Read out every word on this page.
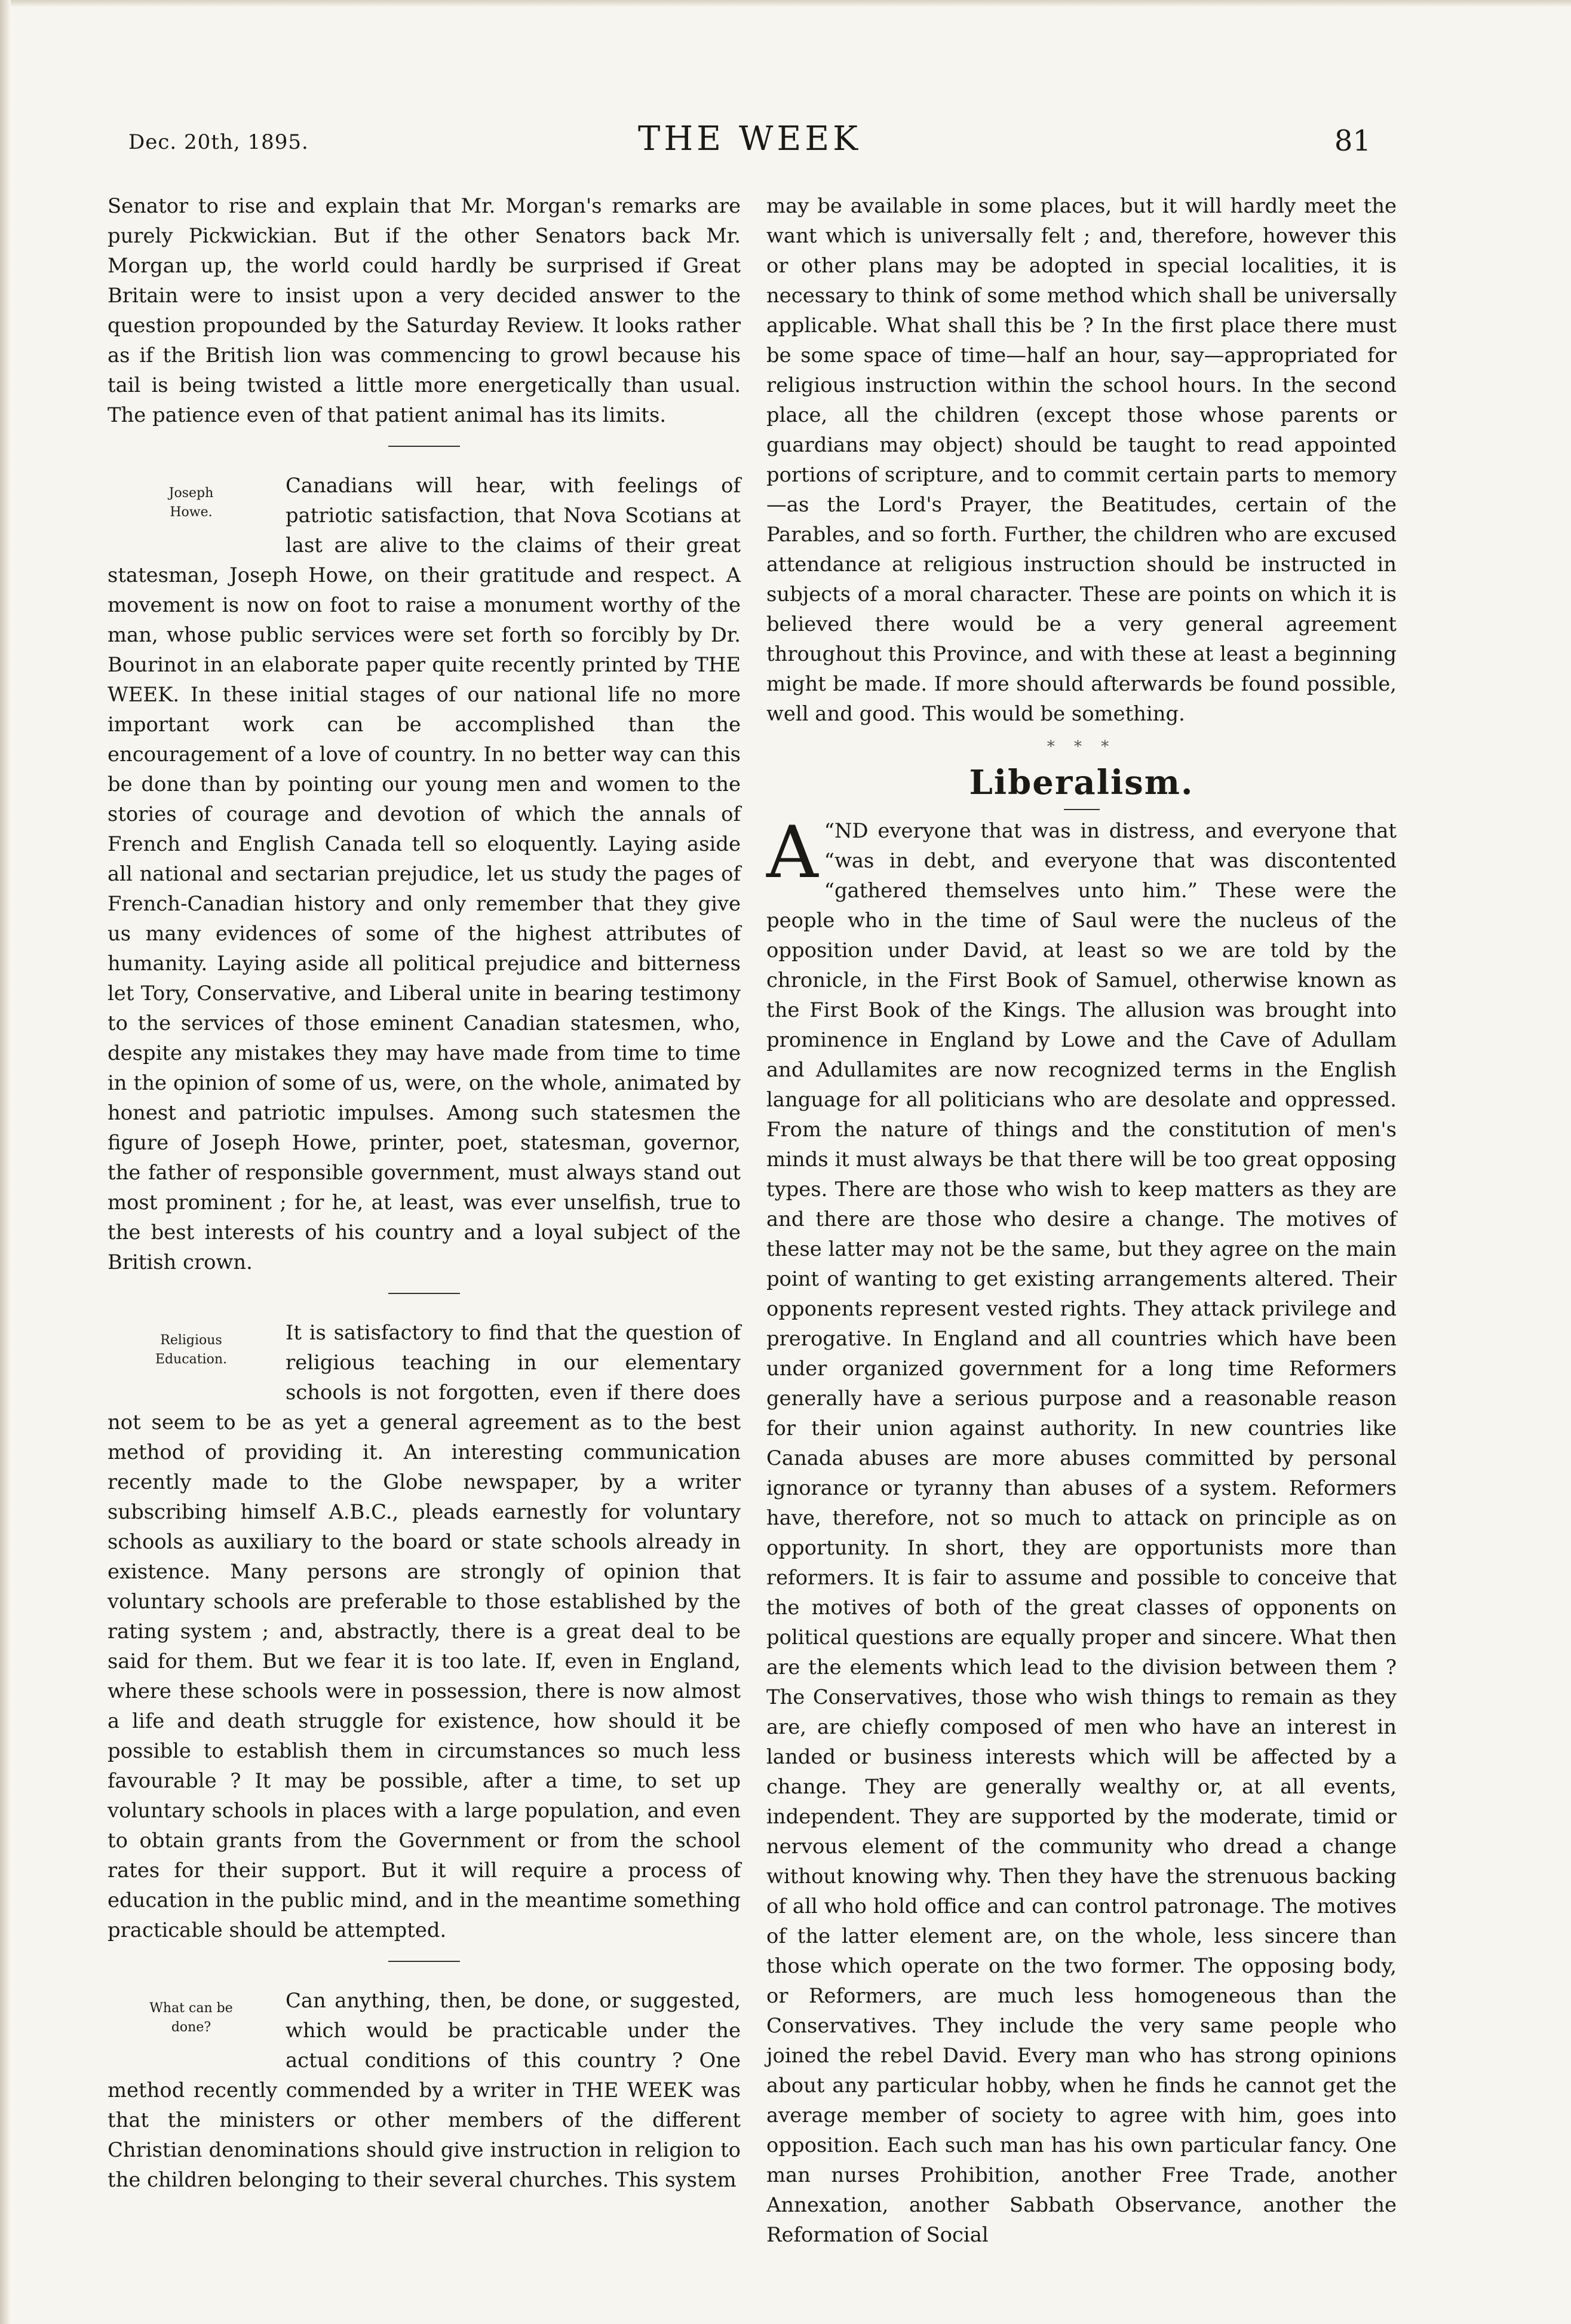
Dec. 20th, 1895.	THE WEEK	81

Senator to rise and explain that Mr. Morgan's remarks are purely Pickwickian. But if the other Senators back Mr. Morgan up, the world could hardly be surprised if Great Britain were to insist upon a very decided answer to the question propounded by the Saturday Review. It looks rather as if the British lion was commencing to growl because his tail is being twisted a little more energetically than usual. The patience even of that patient animal has its limits.

Joseph
Howe.

Canadians will hear, with feelings of patriotic satisfaction, that Nova Scotians at last are alive to the claims of their great statesman, Joseph Howe, on their gratitude and respect. A movement is now on foot to raise a monument worthy of the man, whose public services were set forth so forcibly by Dr. Bourinot in an elaborate paper quite recently printed by THE WEEK. In these initial stages of our national life no more important work can be accomplished than the encouragement of a love of country. In no better way can this be done than by pointing our young men and women to the stories of courage and devotion of which the annals of French and English Canada tell so eloquently. Laying aside all national and sectarian prejudice, let us study the pages of French-Canadian history and only remember that they give us many evidences of some of the highest attributes of humanity. Laying aside all political prejudice and bitterness let Tory, Conservative, and Liberal unite in bearing testimony to the services of those eminent Canadian statesmen, who, despite any mistakes they may have made from time to time in the opinion of some of us, were, on the whole, animated by honest and patriotic impulses. Among such statesmen the figure of Joseph Howe, printer, poet, statesman, governor, the father of responsible government, must always stand out most prominent ; for he, at least, was ever unselfish, true to the best interests of his country and a loyal subject of the British crown.

Religious
Education.

It is satisfactory to find that the question of religious teaching in our elementary schools is not forgotten, even if there does not seem to be as yet a general agreement as to the best method of providing it. An interesting communication recently made to the Globe newspaper, by a writer subscribing himself A.B.C., pleads earnestly for voluntary schools as auxiliary to the board or state schools already in existence. Many persons are strongly of opinion that voluntary schools are preferable to those established by the rating system ; and, abstractly, there is a great deal to be said for them. But we fear it is too late. If, even in England, where these schools were in possession, there is now almost a life and death struggle for existence, how should it be possible to establish them in circumstances so much less favourable ? It may be possible, after a time, to set up voluntary schools in places with a large population, and even to obtain grants from the Government or from the school rates for their support. But it will require a process of education in the public mind, and in the meantime something practicable should be attempted.

What can be
done?

Can anything, then, be done, or suggested, which would be practicable under the actual conditions of this country ? One method recently commended by a writer in THE WEEK was that the ministers or other members of the different Christian denominations should give instruction in religion to the children belonging to their several churches. This system

may be available in some places, but it will hardly meet the want which is universally felt ; and, therefore, however this or other plans may be adopted in special localities, it is necessary to think of some method which shall be universally applicable. What shall this be ? In the first place there must be some space of time—half an hour, say—appropriated for religious instruction within the school hours. In the second place, all the children (except those whose parents or guardians may object) should be taught to read appointed portions of scripture, and to commit certain parts to memory—as the Lord's Prayer, the Beatitudes, certain of the Parables, and so forth. Further, the children who are excused attendance at religious instruction should be instructed in subjects of a moral character. These are points on which it is believed there would be a very general agreement throughout this Province, and with these at least a beginning might be made. If more should afterwards be found possible, well and good. This would be something.

* * *
Liberalism.

“
A ND everyone that was in distress, and everyone that “was in debt, and everyone that was discontented “gathered themselves unto him.” These were the people who in the time of Saul were the nucleus of the opposition under David, at least so we are told by the chronicle, in the First Book of Samuel, otherwise known as the First Book of the Kings. The allusion was brought into prominence in England by Lowe and the Cave of Adullam and Adullamites are now recognized terms in the English language for all politicians who are desolate and oppressed. From the nature of things and the constitution of men's minds it must always be that there will be too great opposing types. There are those who wish to keep matters as they are and there are those who desire a change. The motives of these latter may not be the same, but they agree on the main point of wanting to get existing arrangements altered. Their opponents represent vested rights. They attack privilege and prerogative. In England and all countries which have been under organized government for a long time Reformers generally have a serious purpose and a reasonable reason for their union against authority. In new countries like Canada abuses are more abuses committed by personal ignorance or tyranny than abuses of a system. Reformers have, therefore, not so much to attack on principle as on opportunity. In short, they are opportunists more than reformers. It is fair to assume and possible to conceive that the motives of both of the great classes of opponents on political questions are equally proper and sincere. What then are the elements which lead to the division between them ? The Conservatives, those who wish things to remain as they are, are chiefly composed of men who have an interest in landed or business interests which will be affected by a change. They are generally wealthy or, at all events, independent. They are supported by the moderate, timid or nervous element of the community who dread a change without knowing why. Then they have the strenuous backing of all who hold office and can control patronage. The motives of the latter element are, on the whole, less sincere than those which operate on the two former. The opposing body, or Reformers, are much less homogeneous than the Conservatives. They include the very same people who joined the rebel David. Every man who has strong opinions about any particular hobby, when he finds he cannot get the average member of society to agree with him, goes into opposition. Each such man has his own particular fancy. One man nurses Prohibition, another Free Trade, another Annexation, another Sabbath Observance, another the Reformation of Social
